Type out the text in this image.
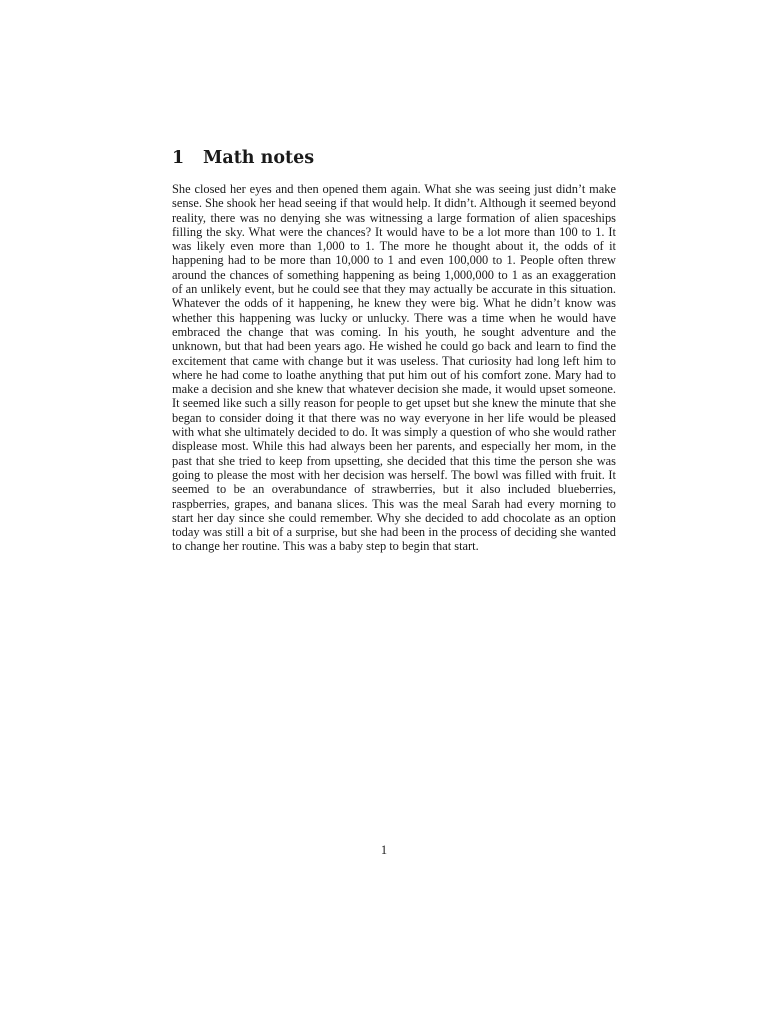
1 Math notes

She closed her eyes and then opened them again. What she was seeing just didn’t make sense. She shook her head seeing if that would help. It didn’t. Although it seemed beyond reality, there was no denying she was witnessing a large formation of alien spaceships filling the sky. What were the chances? It would have to be a lot more than 100 to 1. It was likely even more than 1,000 to 1. The more he thought about it, the odds of it happening had to be more than 10,000 to 1 and even 100,000 to 1. People often threw around the chances of something happening as being 1,000,000 to 1 as an exaggeration of an unlikely event, but he could see that they may actually be accurate in this situation. Whatever the odds of it happening, he knew they were big. What he didn’t know was whether this happening was lucky or unlucky. There was a time when he would have embraced the change that was coming. In his youth, he sought adventure and the unknown, but that had been years ago. He wished he could go back and learn to find the excitement that came with change but it was useless. That curiosity had long left him to where he had come to loathe anything that put him out of his comfort zone. Mary had to make a decision and she knew that whatever decision she made, it would upset someone. It seemed like such a silly reason for people to get upset but she knew the minute that she began to consider doing it that there was no way everyone in her life would be pleased with what she ultimately decided to do. It was simply a question of who she would rather displease most. While this had always been her parents, and especially her mom, in the past that she tried to keep from upsetting, she decided that this time the person she was going to please the most with her decision was herself. The bowl was filled with fruit. It seemed to be an overabundance of strawberries, but it also included blueberries, raspberries, grapes, and banana slices. This was the meal Sarah had every morning to start her day since she could remember. Why she decided to add chocolate as an option today was still a bit of a surprise, but she had been in the process of deciding she wanted to change her routine. This was a baby step to begin that start.

1
